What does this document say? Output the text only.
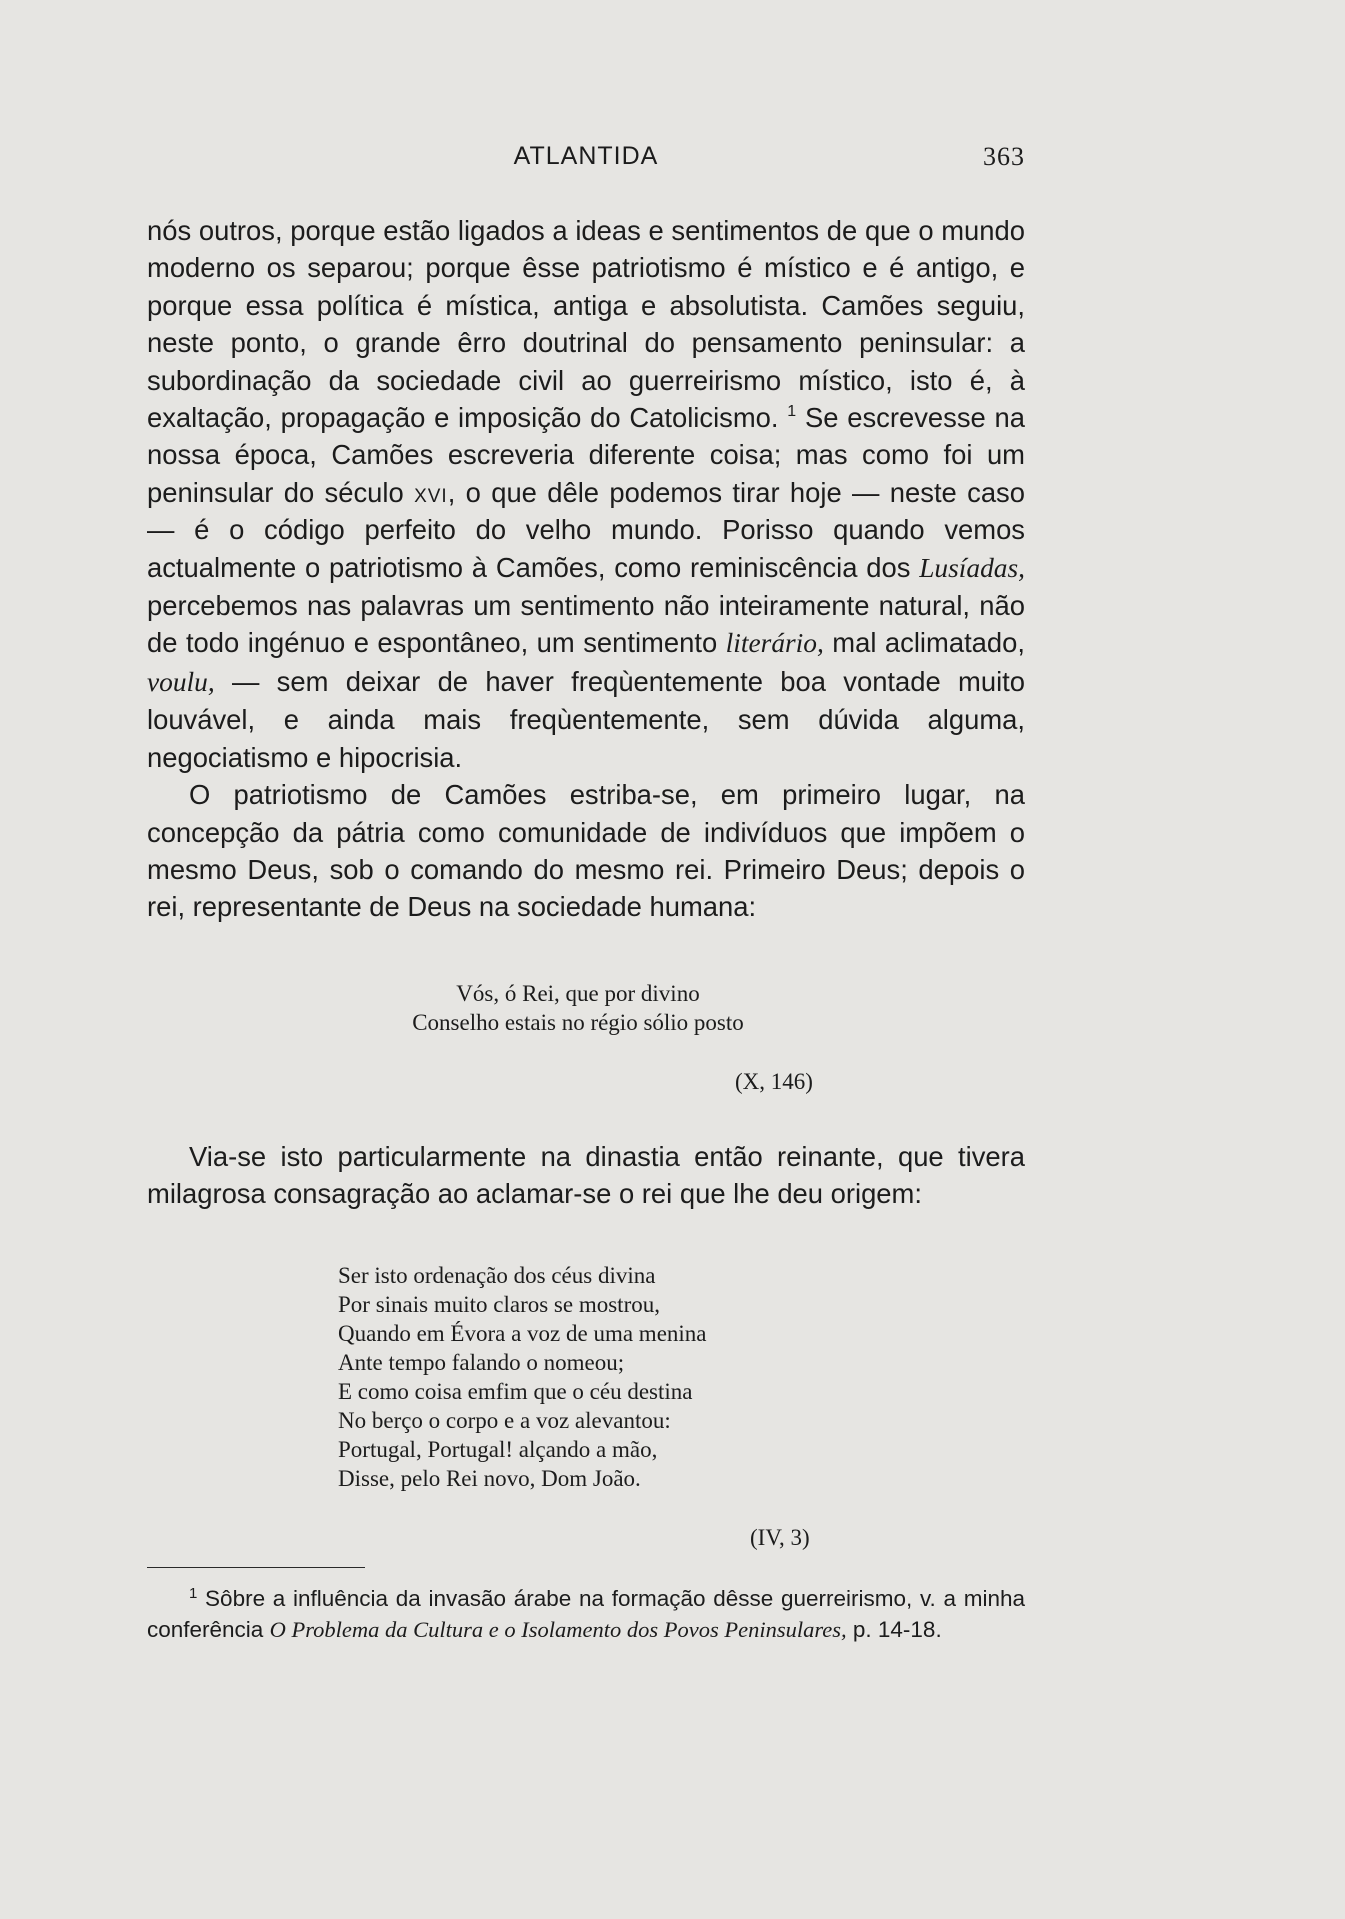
ATLANTIDA	363

nós outros, porque estão ligados a ideas e sentimentos de que o mundo moderno os separou; porque êsse patriotismo é místico e é antigo, e porque essa política é mística, antiga e absolutista. Camões seguiu, neste ponto, o grande êrro doutrinal do pensamento peninsular: a subordinação da sociedade civil ao guerreirismo místico, isto é, à exaltação, propagação e imposição do Catolicismo. $^1$ Se escrevesse na nossa época, Camões escreveria diferente coisa; mas como foi um peninsular do século xvi, o que dêle podemos tirar hoje — neste caso — é o código perfeito do velho mundo. Porisso quando vemos actualmente o patriotismo à Camões, como reminiscência dos Lusíadas, percebemos nas palavras um sentimento não inteiramente natural, não de todo ingénuo e espontâneo, um sentimento literário, mal aclimatado, voulu, — sem deixar de haver freqùentemente boa vontade muito louvável, e ainda mais freqùentemente, sem dúvida alguma, negociatismo e hipocrisia.

O patriotismo de Camões estriba-se, em primeiro lugar, na concepção da pátria como comunidade de indivíduos que impõem o mesmo Deus, sob o comando do mesmo rei. Primeiro Deus; depois o rei, representante de Deus na sociedade humana:

Vós, ó Rei, que por divino
Conselho estais no régio sólio posto
(X, 146)

Via-se isto particularmente na dinastia então reinante, que tivera milagrosa consagração ao aclamar-se o rei que lhe deu origem:

Ser isto ordenação dos céus divina
Por sinais muito claros se mostrou,
Quando em Évora a voz de uma menina
Ante tempo falando o nomeou;
E como coisa emfim que o céu destina
No berço o corpo e a voz alevantou:
Portugal, Portugal! alçando a mão,
Disse, pelo Rei novo, Dom João.
(IV, 3)

$^1$ Sôbre a influência da invasão árabe na formação dêsse guerreirismo, v. a minha conferência O Problema da Cultura e o Isolamento dos Povos Peninsulares, p. 14-18.
